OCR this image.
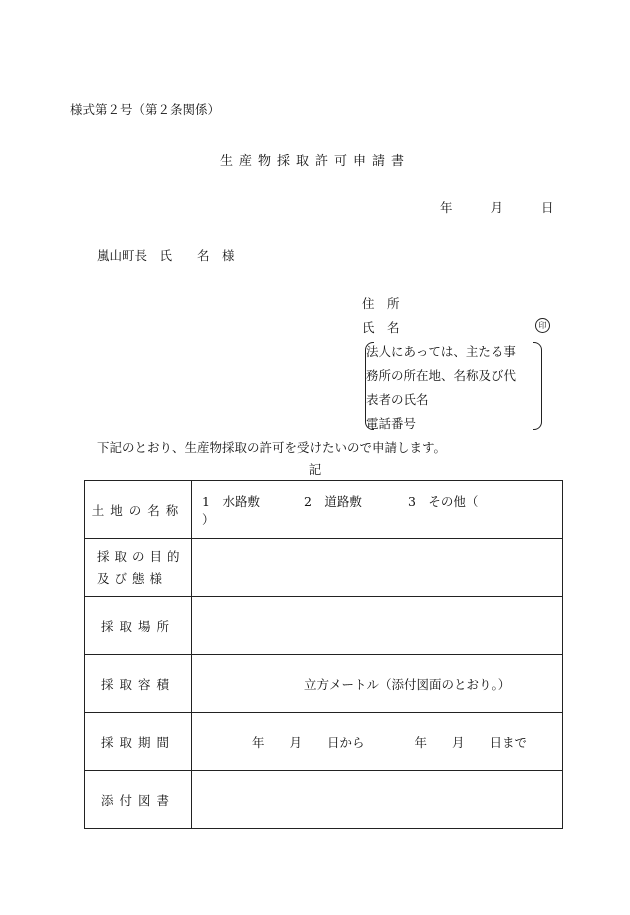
様式第２号（第２条関係）
生産物採取許可申請書
年	月	日
嵐山町長　氏　　名　様
住　所
氏　名	印
法人にあっては、主たる事
務所の所在地、名称及び代
表者の氏名
電話番号
下記のとおり、生産物採取の許可を受けたいので申請します。
記
土地の名称	1　水路敷 2　道路敷 3　その他（ ）

採取の目的
及び態様	

採取場所	
採取容積	立方メートル（添付図面のとおり。）
採取期間	年　　月　　日から　　　　年　　月　　日まで
添付図書	
